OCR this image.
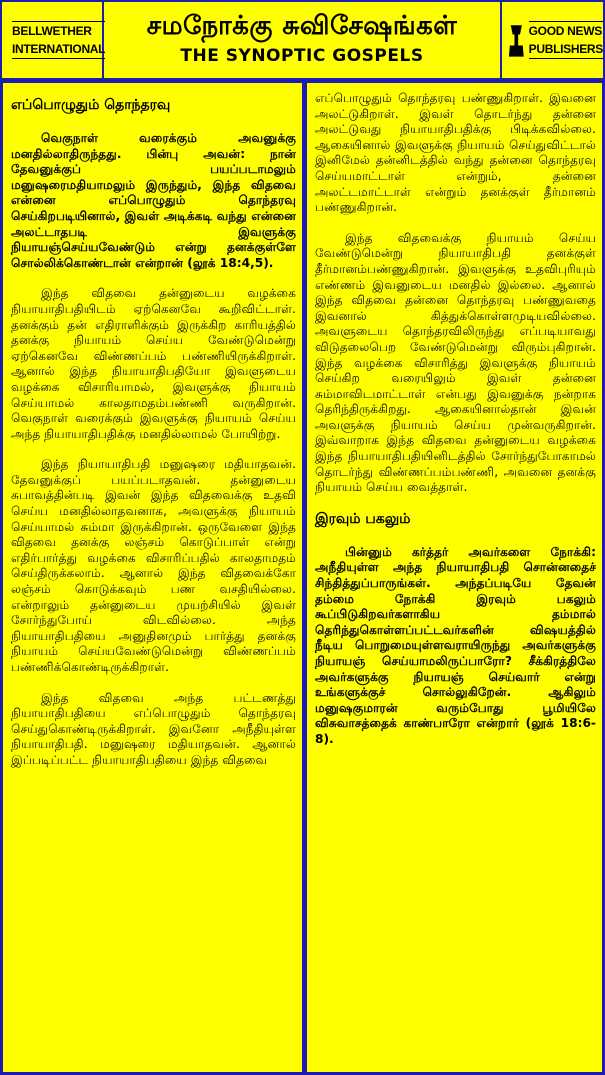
BELLWETHER
INTERNATIONAL
சமநோக்கு சுவிசேஷங்கள்
THE SYNOPTIC GOSPELS
GOOD NEWS
PUBLISHERS
எப்பொழுதும் தொந்தரவு

வெகுநாள் வரைக்கும் அவனுக்கு மனதில்லாதிருந்தது. பின்பு அவன்: நான் தேவனுக்குப் பயப்படாமலும் மனுஷரைமதியாமலும் இருந்தும், இந்த விதவை என்னை எப்பொழுதும் தொந்தரவு செய்கிறபடியினால், இவள் அடிக்கடி வந்து என்னை அலட்டாதபடி இவளுக்கு நியாயஞ்செய்யவேண்டும் என்று தனக்குள்ளே சொல்லிக்கொண்டான் என்றான் (லூக் 18:4,5).

இந்த விதவை தன்னுடைய வழக்கை நியாயாதிபதியிடம் ஏற்கெனவே கூறிவிட்டாள். தனக்கும் தன் எதிராளிக்கும் இருக்கிற காரியத்தில் தனக்கு நியாயம் செய்ய வேண்டுமென்று ஏற்கெனவே விண்ணப்பம் பண்ணியிருக்கிறாள். ஆனால் இந்த நியாயாதிபதியோ இவளுடைய வழக்கை விசாரியாமல், இவளுக்கு நியாயம் செய்யாமல் காலதாமதம்பண்ணி வருகிறான். வெகுநாள் வரைக்கும் இவளுக்கு நியாயம் செய்ய அந்த நியாயாதிபதிக்கு மனதில்லாமல் போயிற்று.

இந்த நியாயாதிபதி மனுஷரை மதியாதவன். தேவனுக்குப் பயப்படாதவன். தன்னுடைய சுபாவத்தின்படி இவன் இந்த விதவைக்கு உதவி செய்ய மனதில்லாதவனாக, அவளுக்கு நியாயம் செய்யாமல் சும்மா இருக்கிறான். ஒருவேளை இந்த விதவை தனக்கு லஞ்சம் கொடுப்பாள் என்று எதிர்பார்த்து வழக்கை விசாரிப்பதில் காலதாமதம் செய்திருக்கலாம். ஆனால் இந்த விதவைக்கோ லஞ்சம் கொடுக்கவும் பண வசதியில்லை. என்றாலும் தன்னுடைய முயற்சியில் இவள் சோர்ந்துபோய் விடவில்லை. அந்த நியாயாதிபதியை அனுதினமும் பார்த்து தனக்கு நியாயம் செய்யவேண்டுமென்று விண்ணப்பம் பண்ணிக்கொண்டிருக்கிறாள்.

இந்த விதவை அந்த பட்டணத்து நியாயாதிபதியை எப்பொழுதும் தொந்தரவு செய்துகொண்டிருக்கிறாள். இவனோ அநீதியுள்ள நியாயாதிபதி. மனுஷரை மதியாதவன். ஆனால் இப்படிப்பட்ட நியாயாதிபதியை இந்த விதவை

எப்பொழுதும் தொந்தரவு பண்ணுகிறாள். இவனை அலட்டுகிறாள். இவள் தொடர்ந்து தன்னை அலட்டுவது நியாயாதிபதிக்கு பிடிக்கவில்லை. ஆகையினால் இவளுக்கு நியாயம் செய்துவிட்டால் இனிமேல் தன்னிடத்தில் வந்து தன்னை தொந்தரவு செய்யமாட்டாள் என்றும், தன்னை அலட்டமாட்டாள் என்றும் தனக்குள் தீர்மானம் பண்ணுகிறான்.

இந்த விதவைக்கு நியாயம் செய்ய வேண்டுமென்று நியாயாதிபதி தனக்குள் தீர்மானம்பண்ணுகிறான். இவளுக்கு உதவிபுரியும் எண்ணம் இவனுடைய மனதில் இல்லை. ஆனால் இந்த விதவை தன்னை தொந்தரவு பண்ணுவதை இவனால் கித்துக்கொள்ளமுடியவில்லை. அவளுடைய தொந்தரவிலிருந்து எப்படியாவது விடுதலைபெற வேண்டுமென்று விரும்புகிறான். இந்த வழக்கை விசாரித்து இவளுக்கு நியாயம் செய்கிற வரையிலும் இவள் தன்னை சும்மாவிடமாட்டாள் என்பது இவனுக்கு நன்றாக தெரிந்திருக்கிறது. ஆகையினால்தான் இவன் அவளுக்கு நியாயம் செய்ய முன்வருகிறான். இவ்வாறாக இந்த விதவை தன்னுடைய வழக்கை இந்த நியாயாதிபதியினிடத்தில் சோர்ந்துபோகாமல் தொடர்ந்து விண்ணப்பம்பண்ணி, அவனை தனக்கு நியாயம் செய்ய வைத்தாள்.

இரவும் பகலும்

பின்னும் கர்த்தர் அவர்களை நோக்கி: அநீதியுள்ள அந்த நியாயாதிபதி சொன்னதைச் சிந்தித்துப்பாருங்கள். அந்தப்படியே தேவன் தம்மை நோக்கி இரவும் பகலும் கூப்பிடுகிறவர்களாகிய தம்மால் தெரிந்துகொள்ளப்பட்டவர்களின் விஷயத்தில் நீடிய பொறுமையுள்ளவராயிருந்து அவர்களுக்கு நியாயஞ் செய்யாமலிருப்பாரோ? சீக்கிரத்திலே அவர்களுக்கு நியாயஞ் செய்வார் என்று உங்களுக்குச் சொல்லுகிறேன். ஆகிலும் மனுஷகுமாரன் வரும்போது பூமியிலே விசுவாசத்தைக் காண்பாரோ என்றார் (லூக் 18:6-8).
